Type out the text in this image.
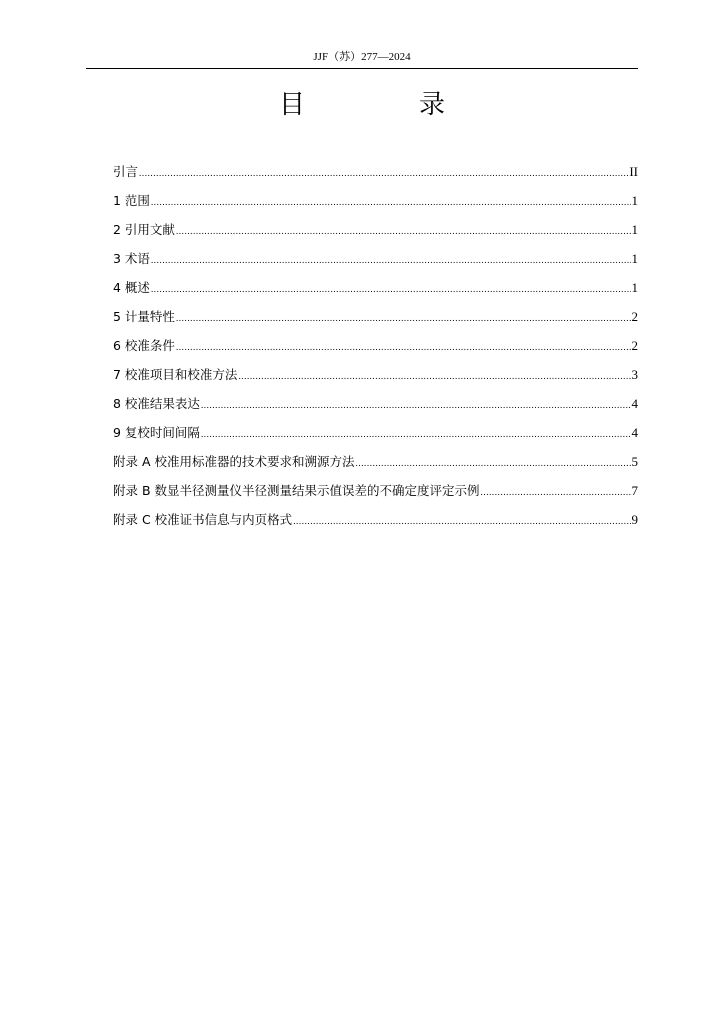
JJF（苏）277—2024
目　录
引言 .....	II
1 范围 .....	1
2 引用文献 .....	1
3 术语 .....	1
4 概述 .....	1
5 计量特性 .....	2
6 校准条件 .....	2
7 校准项目和校准方法 .....	3
8 校准结果表达 .....	4
9 复校时间间隔 .....	4
附录 A 校准用标准器的技术要求和溯源方法 .....	5
附录 B 数显半径测量仪半径测量结果示值误差的不确定度评定示例 .....	7
附录 C 校准证书信息与内页格式 .....	9
